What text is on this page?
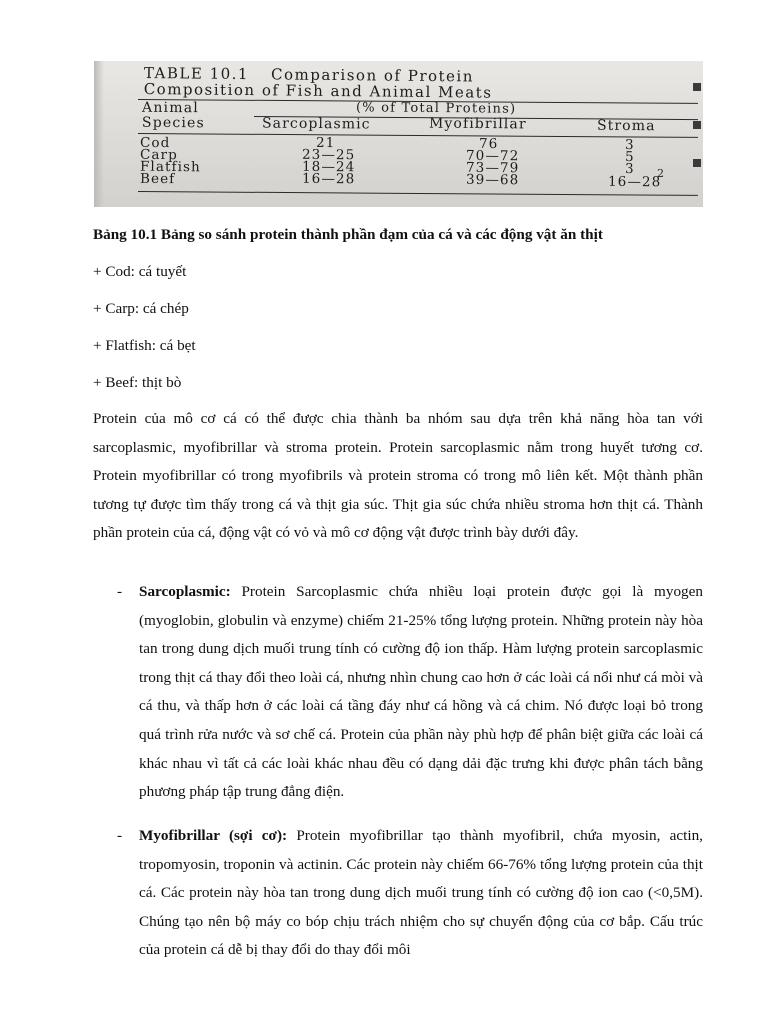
TABLE 10.1 Comparison of Protein
Composition of Fish and Animal Meats
Animal
Species
(% of Total Proteins)
Sarcoplasmic	Myofibrillar	Stroma
Cod	21	76	3
Carp	23—25	70—72	5
Flatfish	18—24	73—79	3
Beef	16—28	39—68	16—28
2
Bảng 10.1 Bảng so sánh protein thành phần đạm của cá và các động vật ăn thịt
+ Cod: cá tuyết
+ Carp: cá chép
+ Flatfish: cá bẹt
+ Beef: thịt bò
Protein của mô cơ cá có thể được chia thành ba nhóm sau dựa trên khả năng hòa tan với sarcoplasmic, myofibrillar và stroma protein. Protein sarcoplasmic nằm trong huyết tương cơ. Protein myofibrillar có trong myofibrils và protein stroma có trong mô liên kết. Một thành phần tương tự được tìm thấy trong cá và thịt gia súc. Thịt gia súc chứa nhiều stroma hơn thịt cá. Thành phần protein của cá, động vật có vỏ và mô cơ động vật được trình bày dưới đây.
- Sarcoplasmic: Protein Sarcoplasmic chứa nhiều loại protein được gọi là myogen (myoglobin, globulin và enzyme) chiếm 21-25% tổng lượng protein. Những protein này hòa tan trong dung dịch muối trung tính có cường độ ion thấp. Hàm lượng protein sarcoplasmic trong thịt cá thay đổi theo loài cá, nhưng nhìn chung cao hơn ở các loài cá nổi như cá mòi và cá thu, và thấp hơn ở các loài cá tầng đáy như cá hồng và cá chim. Nó được loại bỏ trong quá trình rửa nước và sơ chế cá. Protein của phần này phù hợp để phân biệt giữa các loài cá khác nhau vì tất cả các loài khác nhau đều có dạng dải đặc trưng khi được phân tách bằng phương pháp tập trung đẳng điện.
- Myofibrillar (sợi cơ): Protein myofibrillar tạo thành myofibril, chứa myosin, actin, tropomyosin, troponin và actinin. Các protein này chiếm 66-76% tổng lượng protein của thịt cá. Các protein này hòa tan trong dung dịch muối trung tính có cường độ ion cao (<0,5M). Chúng tạo nên bộ máy co bóp chịu trách nhiệm cho sự chuyển động của cơ bắp. Cấu trúc của protein cá dễ bị thay đổi do thay đổi môi
